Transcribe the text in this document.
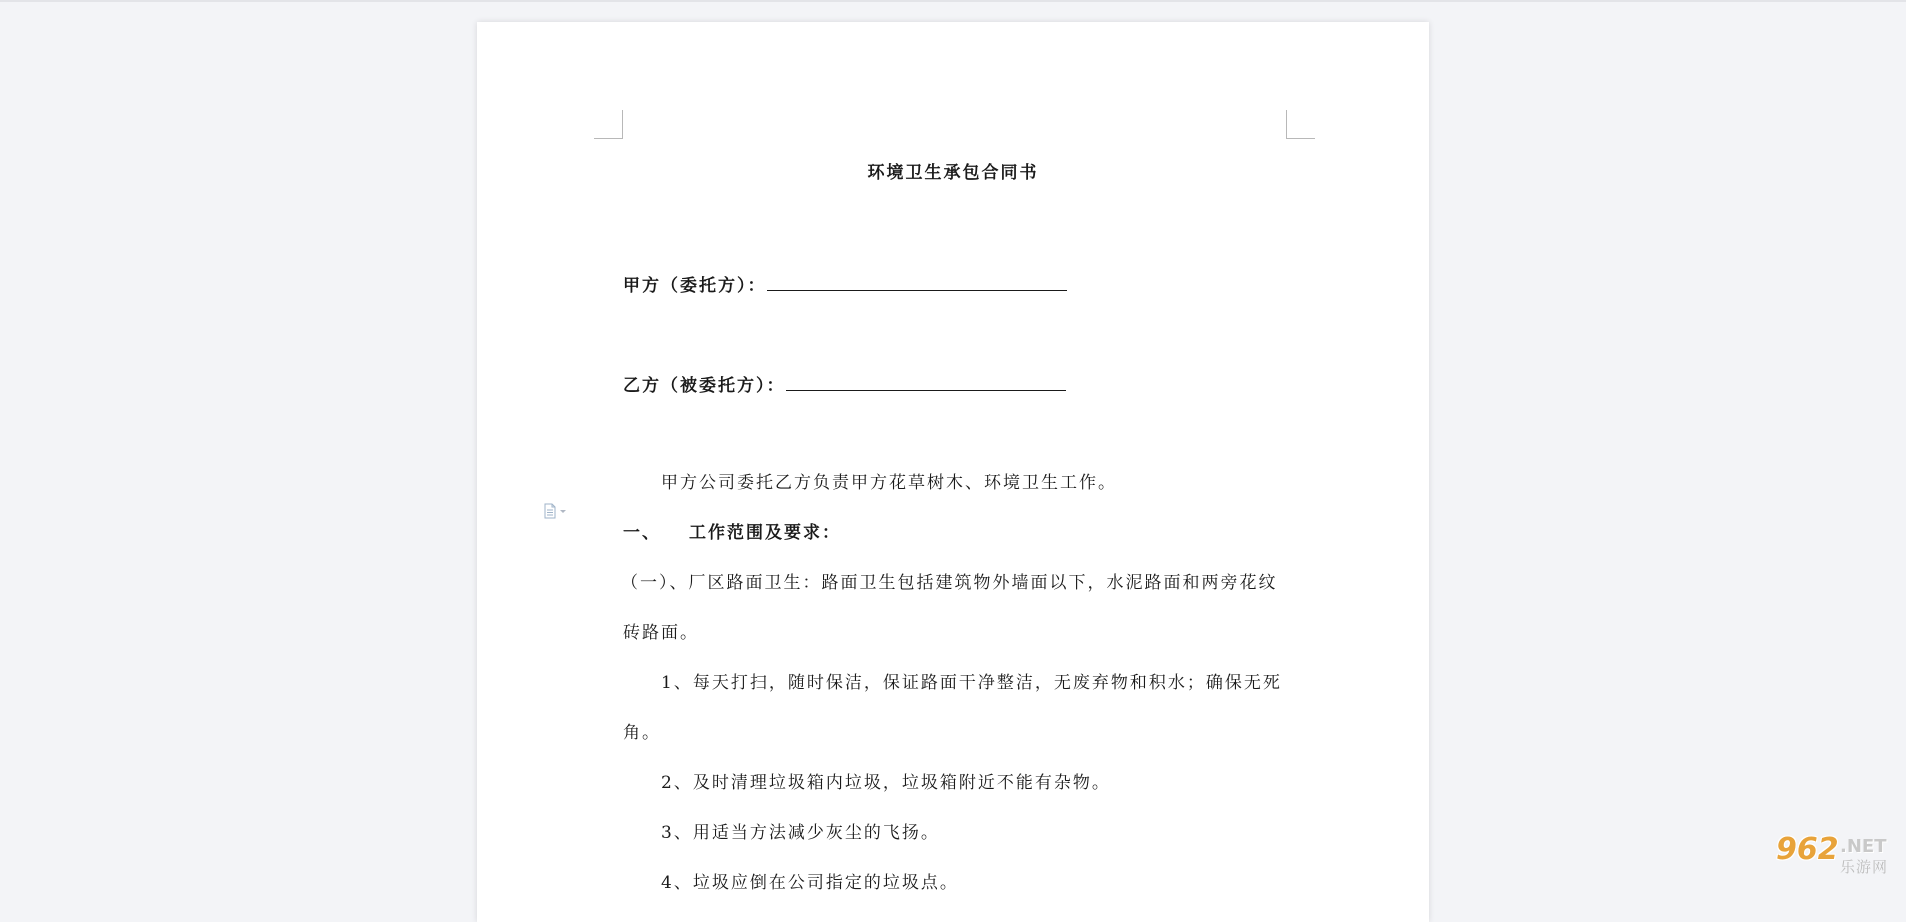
环境卫生承包合同书
甲方（委托方）：
乙方（被委托方）：
甲方公司委托乙方负责甲方花草树木、环境卫生工作。
一、 工作范围及要求：
（一）、厂区路面卫生：路面卫生包括建筑物外墙面以下，水泥路面和两旁花纹
砖路面。
1、每天打扫，随时保洁，保证路面干净整洁，无废弃物和积水；确保无死
角。
2、及时清理垃圾箱内垃圾，垃圾箱附近不能有杂物。
3、用适当方法减少灰尘的飞扬。
4、垃圾应倒在公司指定的垃圾点。
962 .NET
乐游网
